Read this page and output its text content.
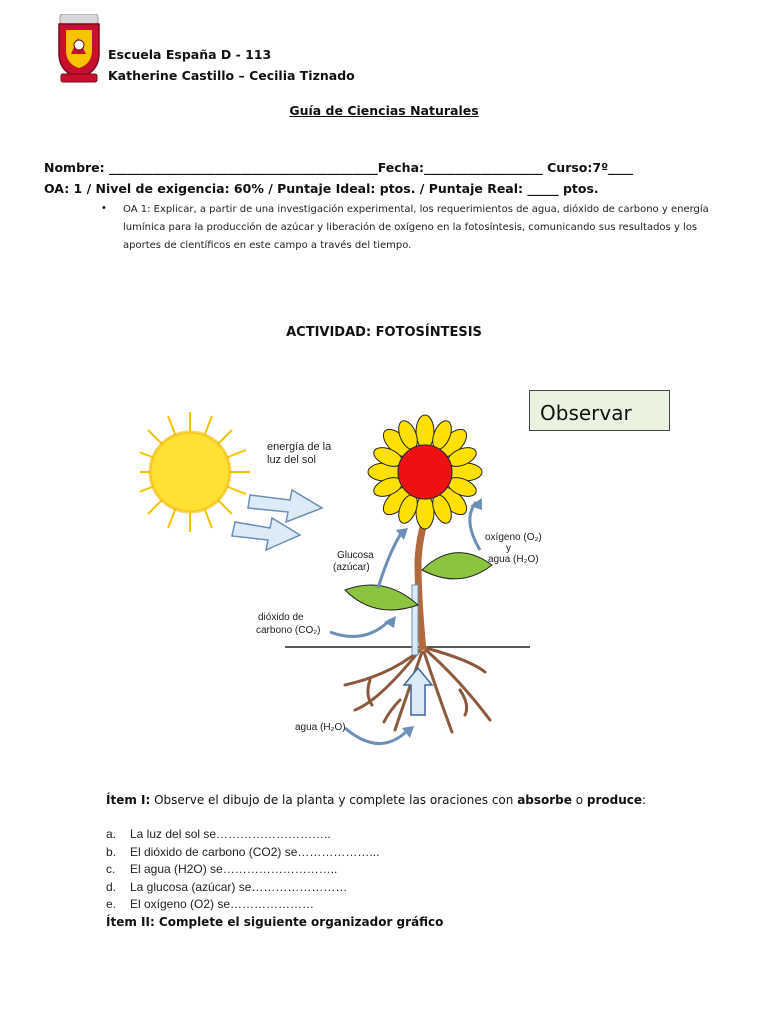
Escuela España D - 113
Katherine Castillo – Cecilia Tiznado
Guía de Ciencias Naturales
Nombre: ___________________________________________Fecha:___________________ Curso:7º____
OA: 1 / Nivel de exigencia: 60% / Puntaje Ideal: ptos. / Puntaje Real: _____ ptos.
• OA 1: Explicar, a partir de una investigación experimental, los requerimientos de agua, dióxido de carbono y energía lumínica para la producción de azúcar y liberación de oxígeno en la fotosíntesis, comunicando sus resultados y los aportes de científicos en este campo a través del tiempo.
ACTIVIDAD: FOTOSÍNTESIS
Observar
energía de la
luz del sol
Glucosa
(azúcar)
oxígeno (O₂)
y
agua (H₂O)
dióxido de
carbono (CO₂)
agua (H₂O)
Ítem I: Observe el dibujo de la planta y complete las oraciones con absorbe o produce:
a. La luz del sol se………………………..
b. El dióxido de carbono (CO2) se………………...
c. El agua (H2O) se………………………..
d. La glucosa (azúcar) se……………………
e. El oxígeno (O2) se…………………
Ítem II: Complete el siguiente organizador gráfico
